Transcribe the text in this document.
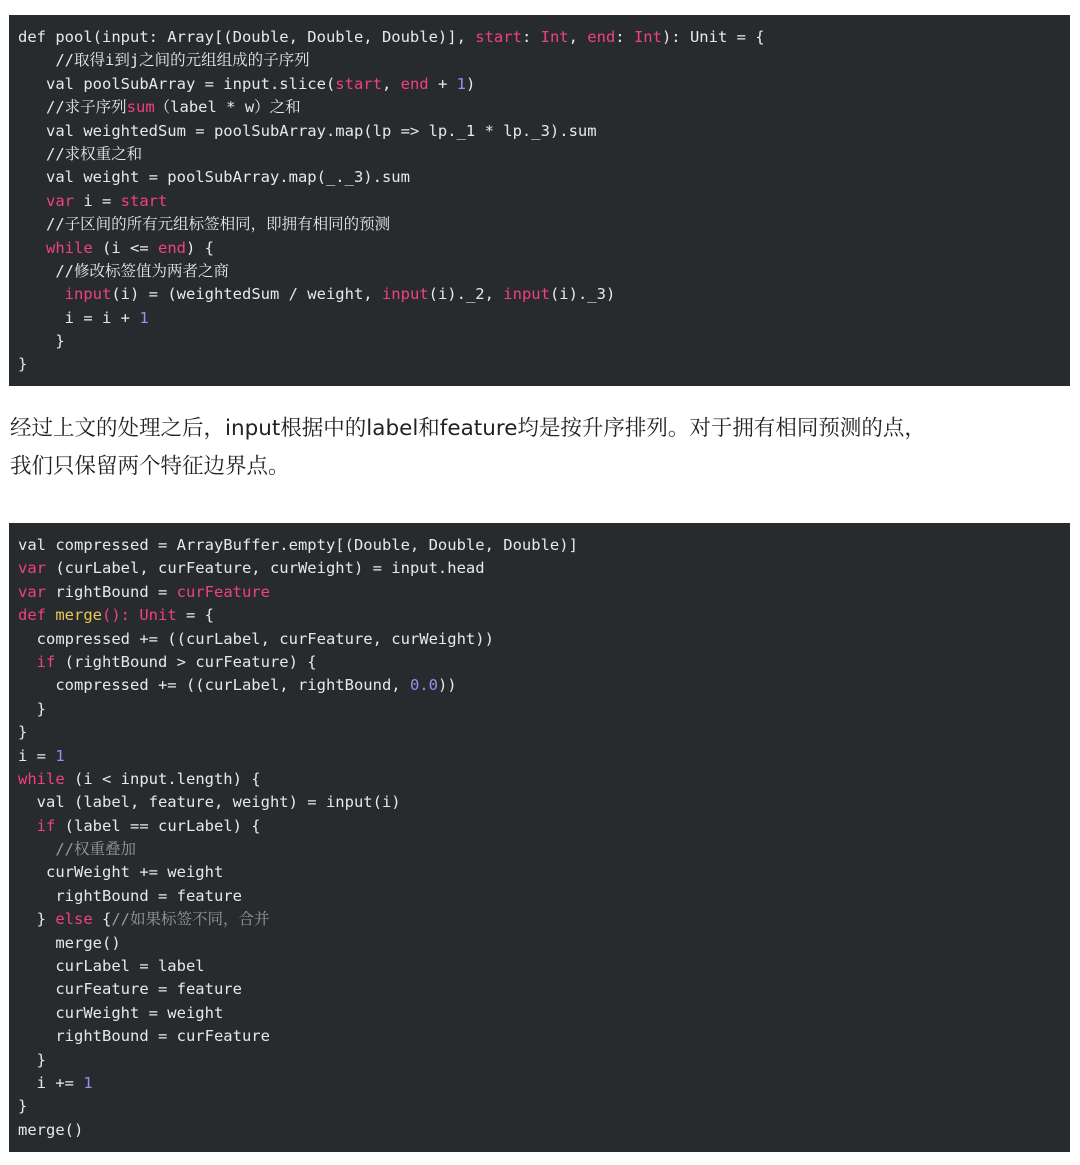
def pool(input: Array[(Double, Double, Double)], start: Int, end: Int): Unit = {
//取得i到j之间的元组组成的子序列
val poolSubArray = input.slice(start, end + 1)
//求子序列sum（label * w）之和
val weightedSum = poolSubArray.map(lp => lp._1 * lp._3).sum
//求权重之和
val weight = poolSubArray.map(_._3).sum
var i = start
//子区间的所有元组标签相同，即拥有相同的预测
while (i <= end) {
//修改标签值为两者之商
input(i) = (weightedSum / weight, input(i)._2, input(i)._3)
i = i + 1
}
}

经过上文的处理之后，input根据中的label和feature均是按升序排列。对于拥有相同预测的点，

我们只保留两个特征边界点。

val compressed = ArrayBuffer.empty[(Double, Double, Double)]
var (curLabel, curFeature, curWeight) = input.head
var rightBound = curFeature
def merge(): Unit = {
compressed += ((curLabel, curFeature, curWeight))
if (rightBound > curFeature) {
compressed += ((curLabel, rightBound, 0.0))
}
}
i = 1
while (i < input.length) {
val (label, feature, weight) = input(i)
if (label == curLabel) {
//权重叠加
curWeight += weight
rightBound = feature
} else {//如果标签不同，合并
merge()
curLabel = label
curFeature = feature
curWeight = weight
rightBound = curFeature
}
i += 1
}
merge()
